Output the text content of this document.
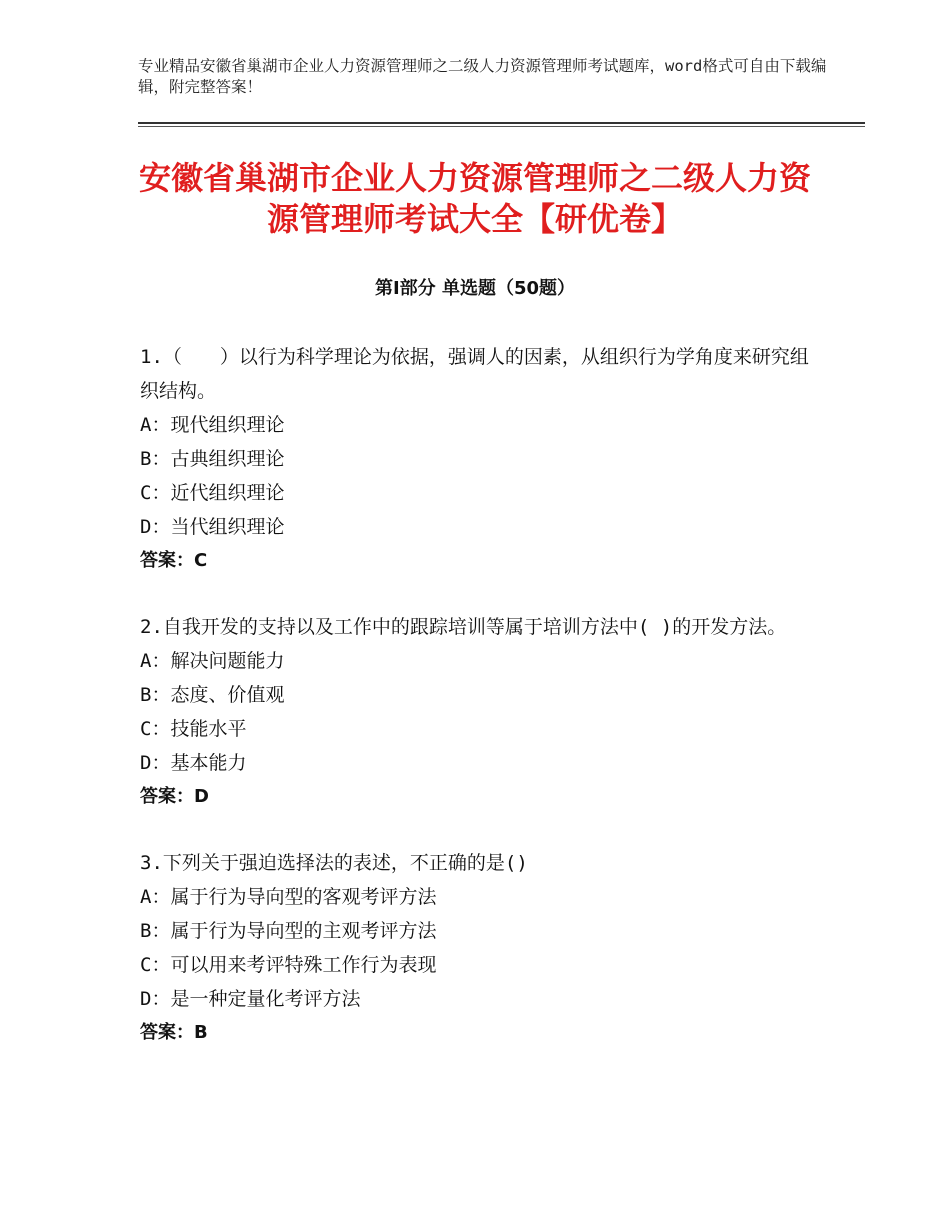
专业精品安徽省巢湖市企业人力资源管理师之二级人力资源管理师考试题库，word格式可自由下载编辑，附完整答案！
安徽省巢湖市企业人力资源管理师之二级人力资源管理师考试大全【研优卷】
第Ⅰ部分 单选题（50题）
1.（　　）以行为科学理论为依据，强调人的因素，从组织行为学角度来研究组织结构。
A：现代组织理论
B：古典组织理论
C：近代组织理论
D：当代组织理论
答案：C
2.自我开发的支持以及工作中的跟踪培训等属于培训方法中( )的开发方法。
A：解决问题能力
B：态度、价值观
C：技能水平
D：基本能力
答案：D
3.下列关于强迫选择法的表述，不正确的是()
A：属于行为导向型的客观考评方法
B：属于行为导向型的主观考评方法
C：可以用来考评特殊工作行为表现
D：是一种定量化考评方法
答案：B
